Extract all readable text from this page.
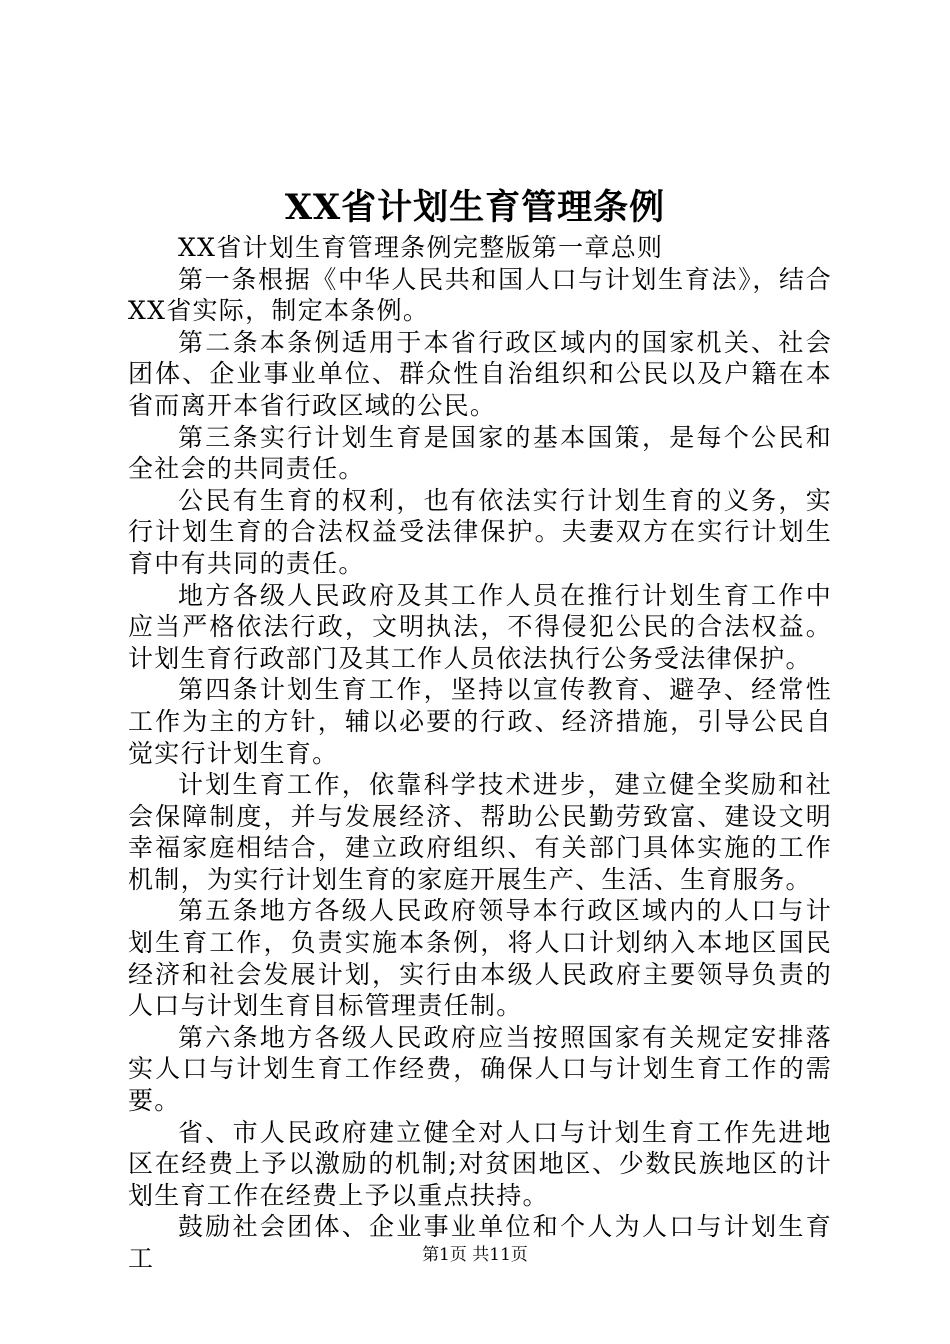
XX省计划生育管理条例

XX省计划生育管理条例完整版第一章总则

第一条根据《中华人民共和国人口与计划生育法》，结合XX省实际，制定本条例。

第二条本条例适用于本省行政区域内的国家机关、社会团体、企业事业单位、群众性自治组织和公民以及户籍在本省而离开本省行政区域的公民。

第三条实行计划生育是国家的基本国策，是每个公民和全社会的共同责任。

公民有生育的权利，也有依法实行计划生育的义务，实行计划生育的合法权益受法律保护。夫妻双方在实行计划生育中有共同的责任。

地方各级人民政府及其工作人员在推行计划生育工作中应当严格依法行政，文明执法，不得侵犯公民的合法权益。计划生育行政部门及其工作人员依法执行公务受法律保护。

第四条计划生育工作，坚持以宣传教育、避孕、经常性工作为主的方针，辅以必要的行政、经济措施，引导公民自觉实行计划生育。

计划生育工作，依靠科学技术进步，建立健全奖励和社会保障制度，并与发展经济、帮助公民勤劳致富、建设文明幸福家庭相结合，建立政府组织、有关部门具体实施的工作机制，为实行计划生育的家庭开展生产、生活、生育服务。

第五条地方各级人民政府领导本行政区域内的人口与计划生育工作，负责实施本条例，将人口计划纳入本地区国民经济和社会发展计划，实行由本级人民政府主要领导负责的人口与计划生育目标管理责任制。

第六条地方各级人民政府应当按照国家有关规定安排落实人口与计划生育工作经费，确保人口与计划生育工作的需要。

省、市人民政府建立健全对人口与计划生育工作先进地区在经费上予以激励的机制;对贫困地区、少数民族地区的计划生育工作在经费上予以重点扶持。

鼓励社会团体、企业事业单位和个人为人口与计划生育工	第1页 共11页
